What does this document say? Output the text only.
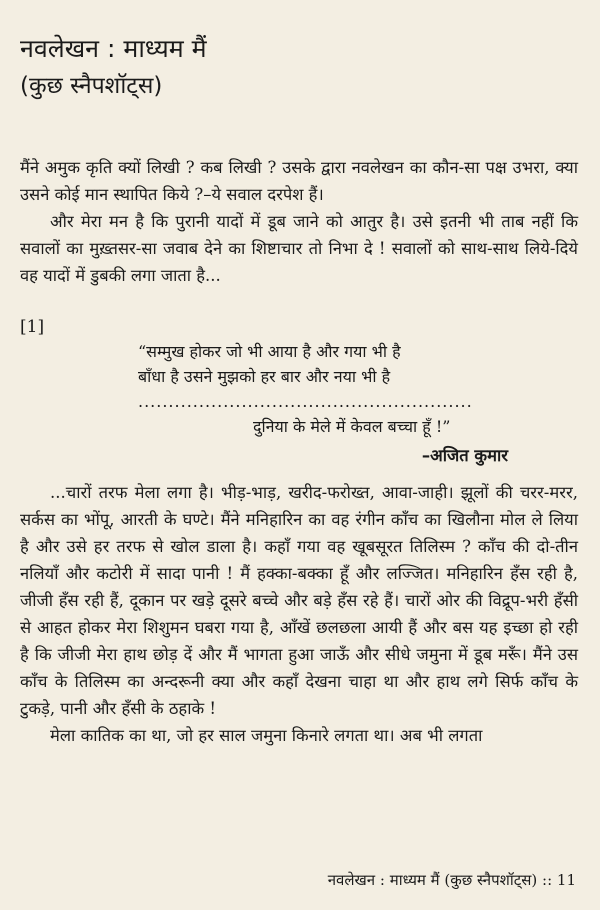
नवलेखन : माध्यम मैं
(कुछ स्नैपशॉट्स)

मैंने अमुक कृति क्यों लिखी ? कब लिखी ? उसके द्वारा नवलेखन का कौन-सा पक्ष उभरा, क्या उसने कोई मान स्थापित किये ?–ये सवाल दरपेश हैं।

और मेरा मन है कि पुरानी यादों में डूब जाने को आतुर है। उसे इतनी भी ताब नहीं कि सवालों का मुख़्तसर-सा जवाब देने का शिष्टाचार तो निभा दे ! सवालों को साथ-साथ लिये-दिये वह यादों में डुबकी लगा जाता है...

[1]
“सम्मुख होकर जो भी आया है और गया भी है
बाँधा है उसने मुझको हर बार और नया भी है
.......................................................
दुनिया के मेले में केवल बच्चा हूँ !”
–अजित कुमार

...चारों तरफ मेला लगा है। भीड़-भाड़, खरीद-फरोख्त, आवा-जाही। झूलों की चरर-मरर, सर्कस का भोंपू, आरती के घण्टे। मैंने मनिहारिन का वह रंगीन काँच का खिलौना मोल ले लिया है और उसे हर तरफ से खोल डाला है। कहाँ गया वह खूबसूरत तिलिस्म ? काँच की दो-तीन नलियाँ और कटोरी में सादा पानी ! मैं हक्का-बक्का हूँ और लज्जित। मनिहारिन हँस रही है, जीजी हँस रही हैं, दूकान पर खड़े दूसरे बच्चे और बड़े हँस रहे हैं। चारों ओर की विद्रूप-भरी हँसी से आहत होकर मेरा शिशुमन घबरा गया है, आँखें छलछला आयी हैं और बस यह इच्छा हो रही है कि जीजी मेरा हाथ छोड़ दें और मैं भागता हुआ जाऊँ और सीधे जमुना में डूब मरूँ। मैंने उस काँच के तिलिस्म का अन्दरूनी क्या और कहाँ देखना चाहा था और हाथ लगे सिर्फ काँच के टुकड़े, पानी और हँसी के ठहाके !

मेला कातिक का था, जो हर साल जमुना किनारे लगता था। अब भी लगता

नवलेखन : माध्यम मैं (कुछ स्नैपशॉट्स) :: 11
